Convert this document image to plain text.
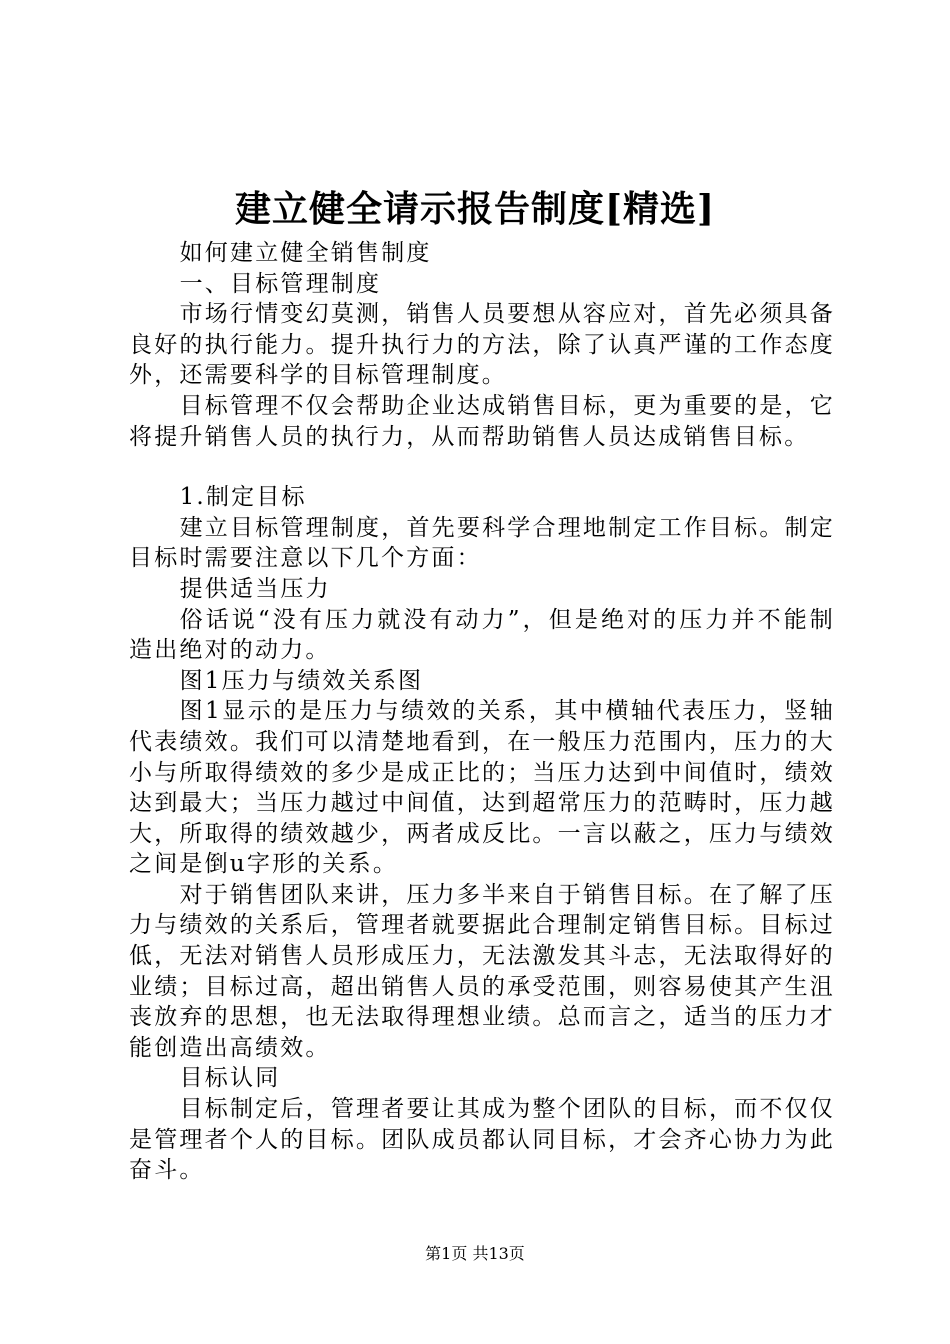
建立健全请示报告制度[精选]

如何建立健全销售制度

一、目标管理制度

市场行情变幻莫测，销售人员要想从容应对，首先必须具备良好的执行能力。提升执行力的方法，除了认真严谨的工作态度外，还需要科学的目标管理制度。

目标管理不仅会帮助企业达成销售目标，更为重要的是，它将提升销售人员的执行力，从而帮助销售人员达成销售目标。

1.制定目标

建立目标管理制度，首先要科学合理地制定工作目标。制定目标时需要注意以下几个方面：

提供适当压力

俗话说“没有压力就没有动力”，但是绝对的压力并不能制造出绝对的动力。

图1压力与绩效关系图

图1显示的是压力与绩效的关系，其中横轴代表压力，竖轴代表绩效。我们可以清楚地看到，在一般压力范围内，压力的大小与所取得绩效的多少是成正比的；当压力达到中间值时，绩效达到最大；当压力越过中间值，达到超常压力的范畴时，压力越大，所取得的绩效越少，两者成反比。一言以蔽之，压力与绩效之间是倒u字形的关系。

对于销售团队来讲，压力多半来自于销售目标。在了解了压力与绩效的关系后，管理者就要据此合理制定销售目标。目标过低，无法对销售人员形成压力，无法激发其斗志，无法取得好的业绩；目标过高，超出销售人员的承受范围，则容易使其产生沮丧放弃的思想，也无法取得理想业绩。总而言之，适当的压力才能创造出高绩效。

目标认同

目标制定后，管理者要让其成为整个团队的目标，而不仅仅是管理者个人的目标。团队成员都认同目标，才会齐心协力为此奋斗。

第1页 共13页
